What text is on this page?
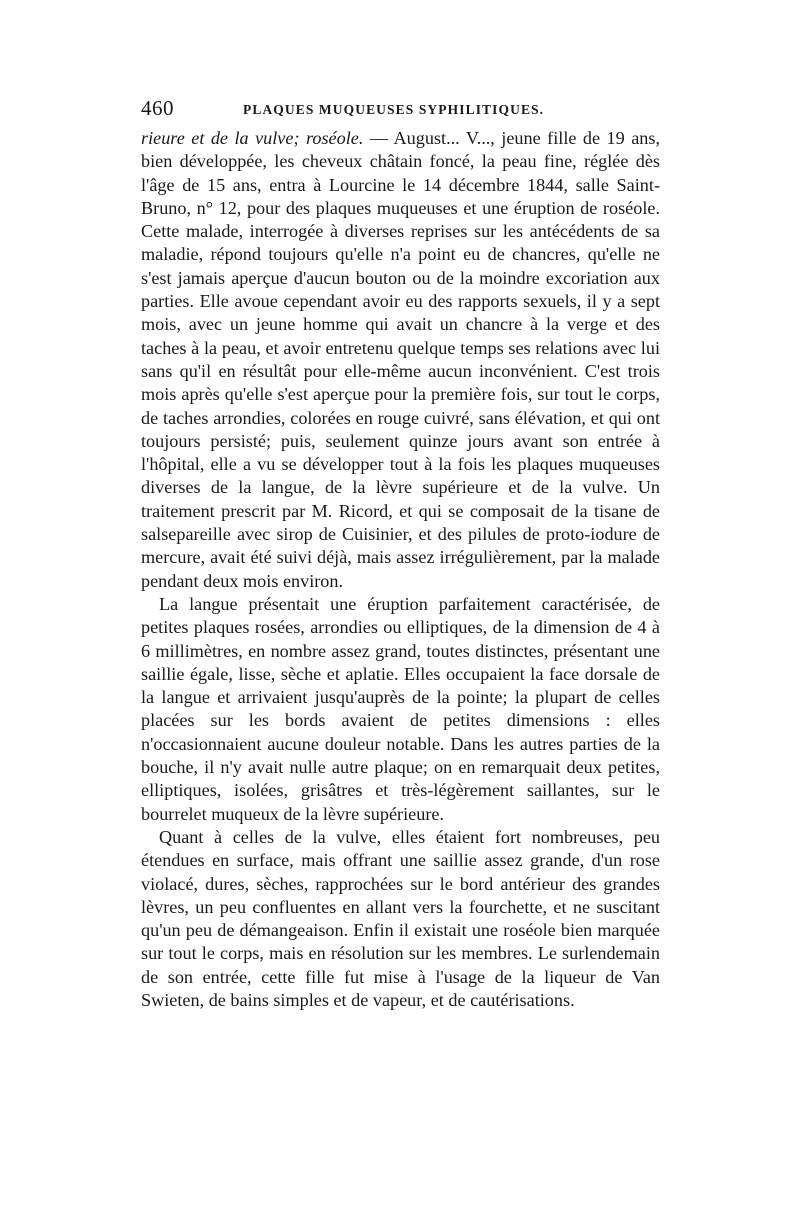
460	PLAQUES MUQUEUSES SYPHILITIQUES.

rieure et de la vulve; roséole. — August... V..., jeune fille de 19 ans, bien développée, les cheveux châtain foncé, la peau fine, réglée dès l'âge de 15 ans, entra à Lourcine le 14 décembre 1844, salle Saint-Bruno, n° 12, pour des plaques muqueuses et une éruption de roséole. Cette malade, interrogée à diverses reprises sur les antécédents de sa maladie, répond toujours qu'elle n'a point eu de chancres, qu'elle ne s'est jamais aperçue d'aucun bouton ou de la moindre excoriation aux parties. Elle avoue cependant avoir eu des rapports sexuels, il y a sept mois, avec un jeune homme qui avait un chancre à la verge et des taches à la peau, et avoir entretenu quelque temps ses relations avec lui sans qu'il en résultât pour elle-même aucun inconvénient. C'est trois mois après qu'elle s'est aperçue pour la première fois, sur tout le corps, de taches arrondies, colorées en rouge cuivré, sans élévation, et qui ont toujours persisté; puis, seulement quinze jours avant son entrée à l'hôpital, elle a vu se développer tout à la fois les plaques muqueuses diverses de la langue, de la lèvre supérieure et de la vulve. Un traitement prescrit par M. Ricord, et qui se composait de la tisane de salsepareille avec sirop de Cuisinier, et des pilules de proto-iodure de mercure, avait été suivi déjà, mais assez irrégulièrement, par la malade pendant deux mois environ.

La langue présentait une éruption parfaitement caractérisée, de petites plaques rosées, arrondies ou elliptiques, de la dimension de 4 à 6 millimètres, en nombre assez grand, toutes distinctes, présentant une saillie égale, lisse, sèche et aplatie. Elles occupaient la face dorsale de la langue et arrivaient jusqu'auprès de la pointe; la plupart de celles placées sur les bords avaient de petites dimensions : elles n'occasionnaient aucune douleur notable. Dans les autres parties de la bouche, il n'y avait nulle autre plaque; on en remarquait deux petites, elliptiques, isolées, grisâtres et très-légèrement saillantes, sur le bourrelet muqueux de la lèvre supérieure.

Quant à celles de la vulve, elles étaient fort nombreuses, peu étendues en surface, mais offrant une saillie assez grande, d'un rose violacé, dures, sèches, rapprochées sur le bord antérieur des grandes lèvres, un peu confluentes en allant vers la fourchette, et ne suscitant qu'un peu de démangeaison. Enfin il existait une roséole bien marquée sur tout le corps, mais en résolution sur les membres. Le surlendemain de son entrée, cette fille fut mise à l'usage de la liqueur de Van Swieten, de bains simples et de vapeur, et de cautérisations.
